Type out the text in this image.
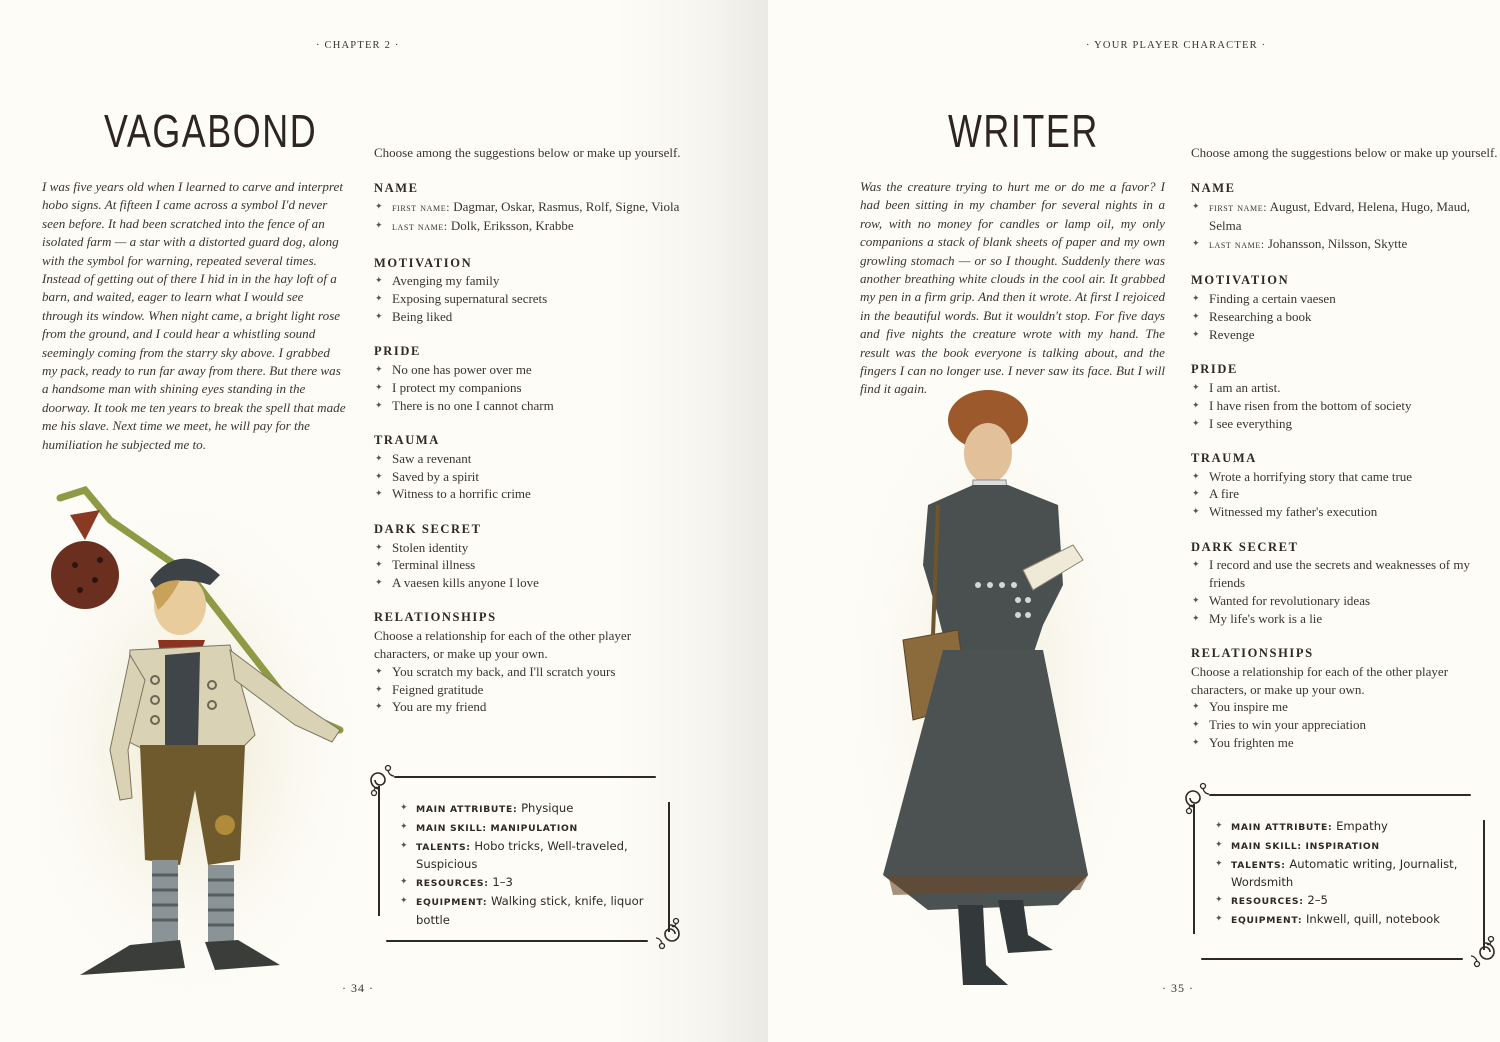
· CHAPTER 2 ·
VAGABOND

I was five years old when I learned to carve and interpret hobo signs. At fifteen I came across a symbol I'd never seen before. It had been scratched into the fence of an isolated farm — a star with a distorted guard dog, along with the symbol for warning, repeated several times. Instead of getting out of there I hid in in the hay loft of a barn, and waited, eager to learn what I would see through its window. When night came, a bright light rose from the ground, and I could hear a whistling sound seemingly coming from the starry sky above. I grabbed my pack, ready to run far away from there. But there was a handsome man with shining eyes standing in the doorway. It took me ten years to break the spell that made me his slave. Next time we meet, he will pay for the humiliation he subjected me to.

Choose among the suggestions below or make up yourself.

NAME
✦ first name: Dagmar, Oskar, Rasmus, Rolf, Signe, Viola
✦ last name: Dolk, Eriksson, Krabbe
MOTIVATION
✦ Avenging my family
✦ Exposing supernatural secrets
✦ Being liked
PRIDE
✦ No one has power over me
✦ I protect my companions
✦ There is no one I cannot charm
TRAUMA
✦ Saw a revenant
✦ Saved by a spirit
✦ Witness to a horrific crime
DARK SECRET
✦ Stolen identity
✦ Terminal illness
✦ A vaesen kills anyone I love
RELATIONSHIPS

Choose a relationship for each of the other player characters, or make up your own.

✦ You scratch my back, and I'll scratch yours
✦ Feigned gratitude
✦ You are my friend
✦ MAIN ATTRIBUTE: Physique
✦ MAIN SKILL: MANIPULATION
✦ TALENTS: Hobo tricks, Well-traveled, Suspicious
✦ RESOURCES: 1–3
✦ EQUIPMENT: Walking stick, knife, liquor bottle
· 34 ·
· YOUR PLAYER CHARACTER ·
WRITER

Was the creature trying to hurt me or do me a favor? I had been sitting in my chamber for several nights in a row, with no money for candles or lamp oil, my only companions a stack of blank sheets of paper and my own growling stomach — or so I thought. Suddenly there was another breathing white clouds in the cool air. It grabbed my pen in a firm grip. And then it wrote. At first I rejoiced in the beautiful words. But it wouldn't stop. For five days and five nights the creature wrote with my hand. The result was the book everyone is talking about, and the fingers I can no longer use. I never saw its face. But I will find it again.

Choose among the suggestions below or make up yourself.

NAME
✦ first name: August, Edvard, Helena, Hugo, Maud, Selma
✦ last name: Johansson, Nilsson, Skytte
MOTIVATION
✦ Finding a certain vaesen
✦ Researching a book
✦ Revenge
PRIDE
✦ I am an artist.
✦ I have risen from the bottom of society
✦ I see everything
TRAUMA
✦ Wrote a horrifying story that came true
✦ A fire
✦ Witnessed my father's execution
DARK SECRET
✦ I record and use the secrets and weaknesses of my friends
✦ Wanted for revolutionary ideas
✦ My life's work is a lie
RELATIONSHIPS

Choose a relationship for each of the other player characters, or make up your own.

✦ You inspire me
✦ Tries to win your appreciation
✦ You frighten me
✦ MAIN ATTRIBUTE: Empathy
✦ MAIN SKILL: INSPIRATION
✦ TALENTS: Automatic writing, Journalist, Wordsmith
✦ RESOURCES: 2–5
✦ EQUIPMENT: Inkwell, quill, notebook
· 35 ·
